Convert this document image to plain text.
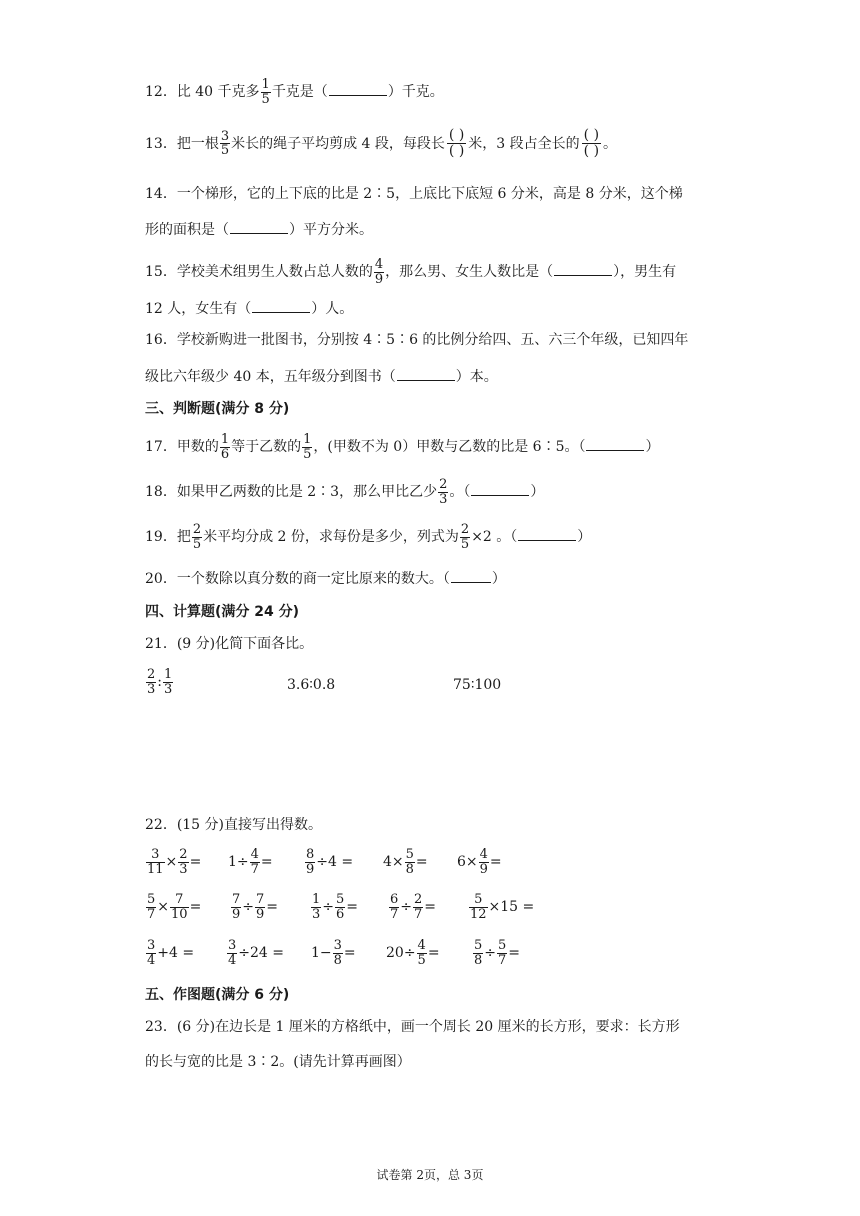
12．比 40 千克多 $\frac{1}{5}$ 千克是（	）千克。
13．把一根 $\frac{3}{5}$ 米长的绳子平均剪成 4 段，每段长 $\frac{( )}{( )}$ 米，3 段占全长的 $\frac{( )}{( )}$ 。
14．一个梯形，它的上下底的比是 2∶5，上底比下底短 6 分米，高是 8 分米，这个梯
形的面积是（	）平方分米。
15．学校美术组男生人数占总人数的 $\frac{4}{9}$ ，那么男、女生人数比是（	），男生有
12 人，女生有（	）人。
16．学校新购进一批图书，分别按 4∶5∶6 的比例分给四、五、六三个年级，已知四年
级比六年级少 40 本，五年级分到图书（	）本。
三、判断题(满分 8 分)
17．甲数的 $\frac{1}{6}$ 等于乙数的 $\frac{1}{5}$ ，(甲数不为 0）甲数与乙数的比是 6∶5。（	）
18．如果甲乙两数的比是 2∶3，那么甲比乙少 $\frac{2}{3}$ 。（	）
19．把 $\frac{2}{5}$ 米平均分成 2 份，求每份是多少，列式为 $\frac{2}{5} \times 2$ 。（	）
20．一个数除以真分数的商一定比原来的数大。（	）
四、计算题(满分 24 分)
21．(9 分)化简下面各比。
$\frac{2}{3}$ : $\frac{1}{3}$	3.6∶0.8	75∶100
22．(15 分)直接写出得数。
$\frac{3}{11} \times \frac{2}{3} = 1\div \frac{4}{7} = \frac{8}{9} \div 4 = 4\times \frac{5}{8} = 6\times \frac{4}{9}$ =
$\frac{5}{7} \times \frac{7}{10} = \frac{7}{9} \div \frac{7}{9}$ =	$\frac{1}{3} \div \frac{5}{6} = \frac{6}{7} \div \frac{2}{7}$ =	$\frac{5}{12} \times 15$ =
$\frac{3}{4} +4$ =	$\frac{3}{4} \div 24 = 1- \frac{3}{8} = 20\div \frac{4}{5}$ =	$\frac{5}{8} \div \frac{5}{7}$ =
五、作图题(满分 6 分)
23．(6 分)在边长是 1 厘米的方格纸中，画一个周长 20 厘米的长方形，要求：长方形
的长与宽的比是 3∶2。(请先计算再画图）
试卷第 2页，总 3页
